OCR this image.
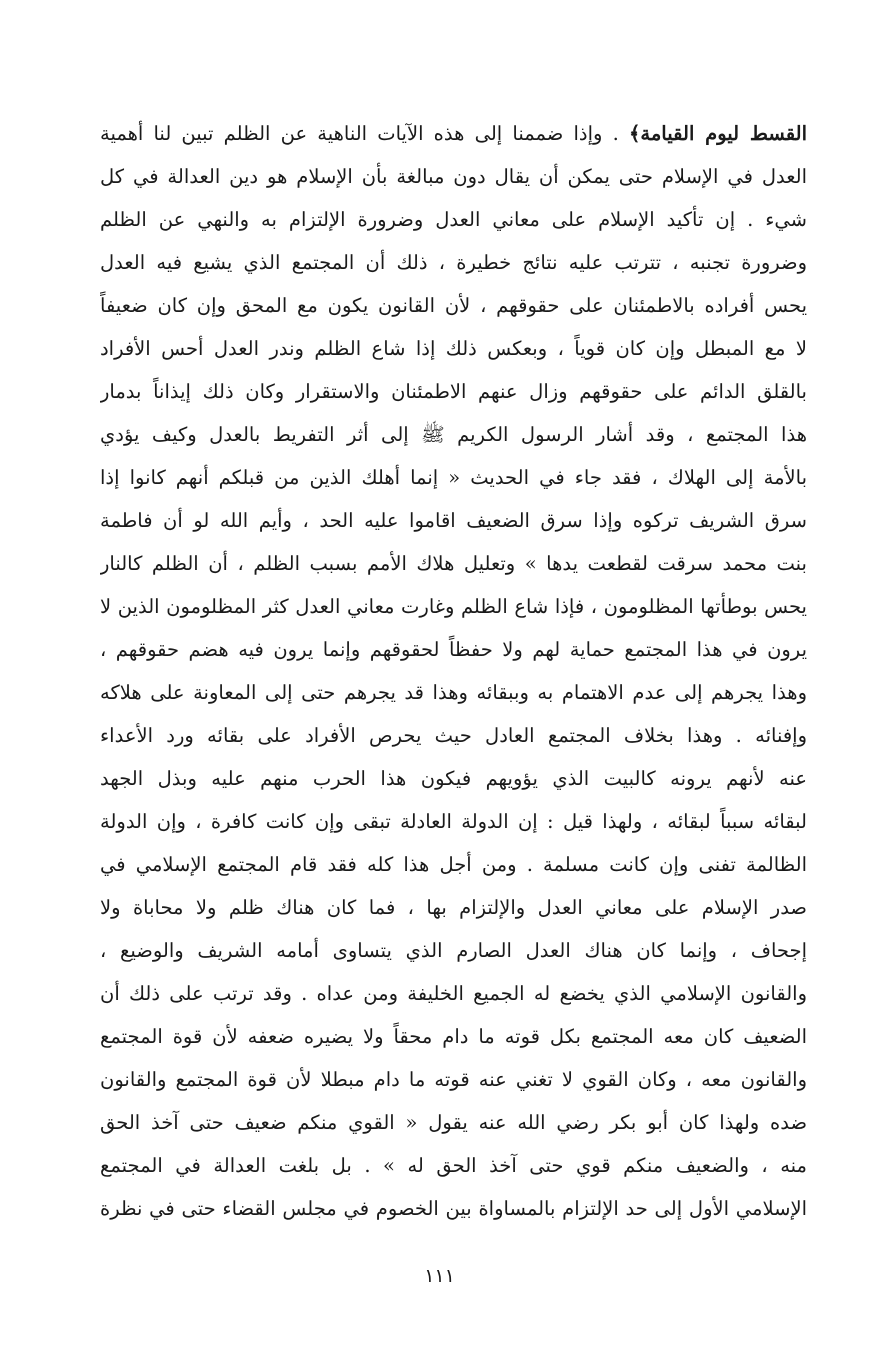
القسط ليوم القيامة﴾ . وإذا ضممنا إلى هذه الآيات الناهية عن الظلم تبين لنا أهمية
العدل في الإسلام حتى يمكن أن يقال دون مبالغة بأن الإسلام هو دين العدالة في كل
شيء . إن تأكيد الإسلام على معاني العدل وضرورة الإلتزام به والنهي عن الظلم
وضرورة تجنبه ، تترتب عليه نتائج خطيرة ، ذلك أن المجتمع الذي يشيع فيه العدل
يحس أفراده بالاطمئنان على حقوقهم ، لأن القانون يكون مع المحق وإن كان ضعيفاً
لا مع المبطل وإن كان قوياً ، وبعكس ذلك إذا شاع الظلم وندر العدل أحس الأفراد
بالقلق الدائم على حقوقهم وزال عنهم الاطمئنان والاستقرار وكان ذلك إيذاناً بدمار
هذا المجتمع ، وقد أشار الرسول الكريم ﷺ إلى أثر التفريط بالعدل وكيف يؤدي
بالأمة إلى الهلاك ، فقد جاء في الحديث « إنما أهلك الذين من قبلكم أنهم كانوا إذا
سرق الشريف تركوه وإذا سرق الضعيف اقاموا عليه الحد ، وأيم الله لو أن فاطمة
بنت محمد سرقت لقطعت يدها » وتعليل هلاك الأمم بسبب الظلم ، أن الظلم كالنار
يحس بوطأتها المظلومون ، فإذا شاع الظلم وغارت معاني العدل كثر المظلومون الذين لا
يرون في هذا المجتمع حماية لهم ولا حفظاً لحقوقهم وإنما يرون فيه هضم حقوقهم ،
وهذا يجرهم إلى عدم الاهتمام به وببقائه وهذا قد يجرهم حتى إلى المعاونة على هلاكه
وإفنائه . وهذا بخلاف المجتمع العادل حيث يحرص الأفراد على بقائه ورد الأعداء
عنه لأنهم يرونه كالبيت الذي يؤويهم فيكون هذا الحرب منهم عليه وبذل الجهد
لبقائه سبباً لبقائه ، ولهذا قيل : إن الدولة العادلة تبقى وإن كانت كافرة ، وإن الدولة
الظالمة تفنى وإن كانت مسلمة . ومن أجل هذا كله فقد قام المجتمع الإسلامي في
صدر الإسلام على معاني العدل والإلتزام بها ، فما كان هناك ظلم ولا محاباة ولا
إجحاف ، وإنما كان هناك العدل الصارم الذي يتساوى أمامه الشريف والوضيع ،
والقانون الإسلامي الذي يخضع له الجميع الخليفة ومن عداه . وقد ترتب على ذلك أن
الضعيف كان معه المجتمع بكل قوته ما دام محقاً ولا يضيره ضعفه لأن قوة المجتمع
والقانون معه ، وكان القوي لا تغني عنه قوته ما دام مبطلا لأن قوة المجتمع والقانون
ضده ولهذا كان أبو بكر رضي الله عنه يقول « القوي منكم ضعيف حتى آخذ الحق
منه ، والضعيف منكم قوي حتى آخذ الحق له » . بل بلغت العدالة في المجتمع
الإسلامي الأول إلى حد الإلتزام بالمساواة بين الخصوم في مجلس القضاء حتى في نظرة
١١١
